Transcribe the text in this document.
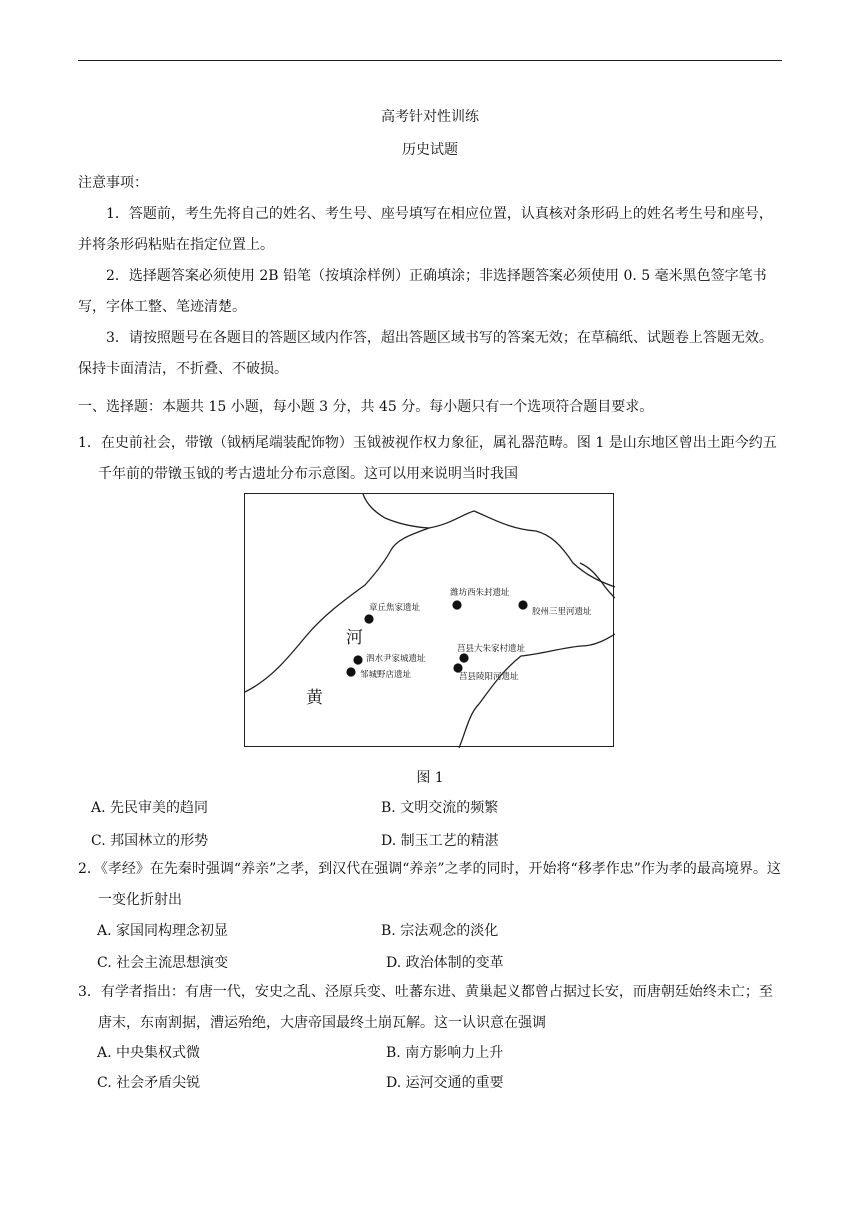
高考针对性训练
历史试题
注意事项：
1．答题前，考生先将自己的姓名、考生号、座号填写在相应位置，认真核对条形码上的姓名考生号和座号，并将条形码粘贴在指定位置上。
2．选择题答案必须使用 2B 铅笔（按填涂样例）正确填涂；非选择题答案必须使用 0. 5 毫米黑色签字笔书写，字体工整、笔迹清楚。
3．请按照题号在各题目的答题区域内作答，超出答题区域书写的答案无效；在草稿纸、试题卷上答题无效。保持卡面清洁，不折叠、不破损。
一、选择题：本题共 15 小题，每小题 3 分，共 45 分。每小题只有一个选项符合题目要求。
1．在史前社会，带镦（钺柄尾端装配饰物）玉钺被视作权力象征，属礼器范畴。图 1 是山东地区曾出土距今约五千年前的带镦玉钺的考古遗址分布示意图。这可以用来说明当时我国
河
黄
章丘焦家遗址
潍坊西朱封遗址
胶州三里河遗址
莒县大朱家村遗址
泗水尹家城遗址
莒县陵阳河遗址
邹城野店遗址
图 1
A. 先民审美的趋同	B. 文明交流的频繁
C. 邦国林立的形势	D. 制玉工艺的精湛
2．《孝经》在先秦时强调“养亲”之孝，到汉代在强调“养亲”之孝的同时，开始将“移孝作忠”作为孝的最高境界。这一变化折射出
A. 家国同构理念初显	B. 宗法观念的淡化
C. 社会主流思想演变	D. 政治体制的变革
3．有学者指出：有唐一代，安史之乱、泾原兵变、吐蕃东进、黄巢起义都曾占据过长安，而唐朝廷始终未亡；至唐末，东南割据，漕运殆绝，大唐帝国最终土崩瓦解。这一认识意在强调
A. 中央集权式微	B. 南方影响力上升
C. 社会矛盾尖锐	D. 运河交通的重要
